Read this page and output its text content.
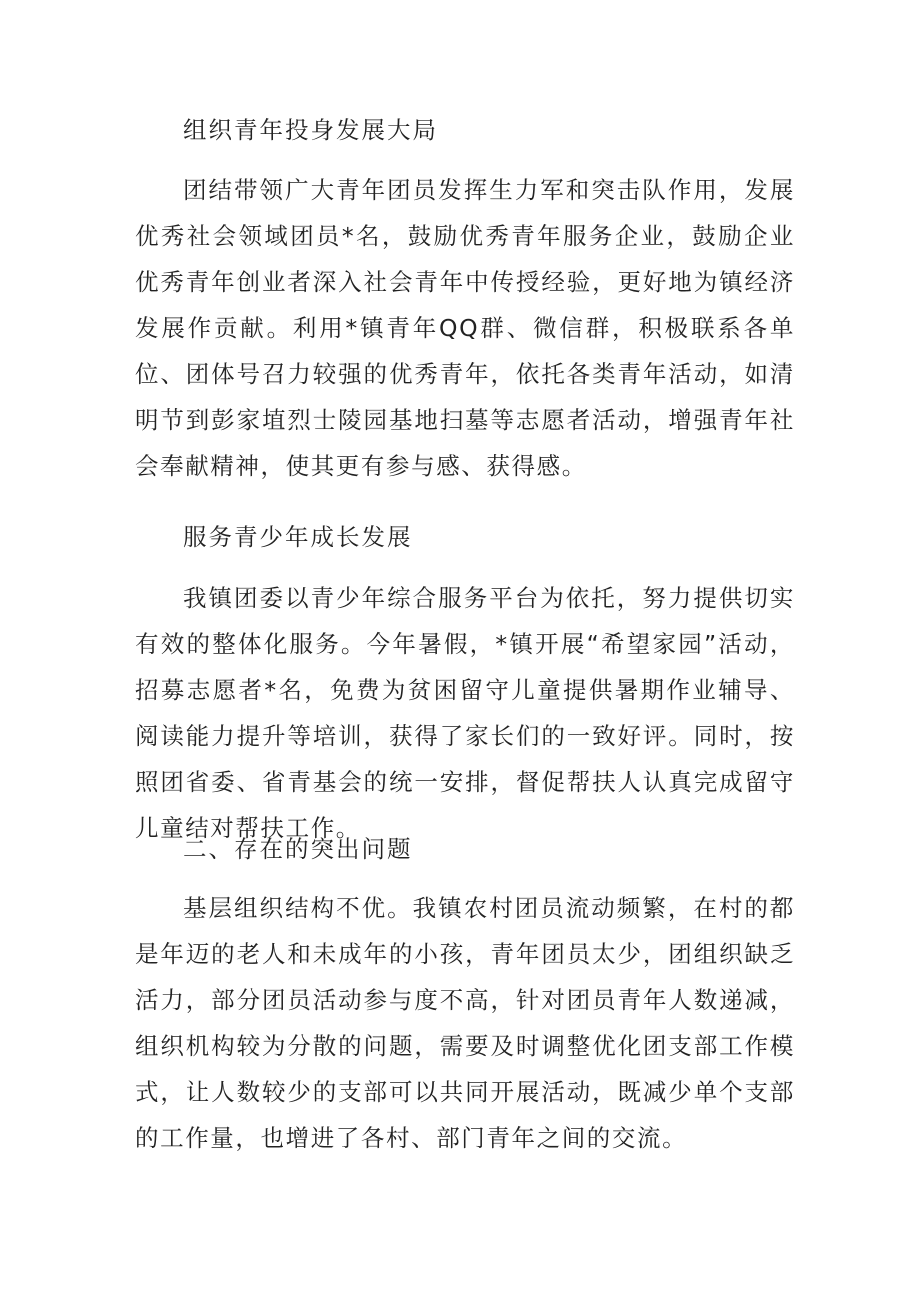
组织青年投身发展大局

团结带领广大青年团员发挥生力军和突击队作用，发展优秀社会领域团员*名，鼓励优秀青年服务企业，鼓励企业优秀青年创业者深入社会青年中传授经验，更好地为镇经济发展作贡献。利用*镇青年QQ群、微信群，积极联系各单位、团体号召力较强的优秀青年，依托各类青年活动，如清明节到彭家埴烈士陵园基地扫墓等志愿者活动，增强青年社会奉献精神，使其更有参与感、获得感。

服务青少年成长发展

我镇团委以青少年综合服务平台为依托，努力提供切实有效的整体化服务。今年暑假，*镇开展“希望家园”活动，招募志愿者*名，免费为贫困留守儿童提供暑期作业辅导、阅读能力提升等培训，获得了家长们的一致好评。同时，按照团省委、省青基会的统一安排，督促帮扶人认真完成留守儿童结对帮扶工作。

二、存在的突出问题

基层组织结构不优。我镇农村团员流动频繁，在村的都是年迈的老人和未成年的小孩，青年团员太少，团组织缺乏活力，部分团员活动参与度不高，针对团员青年人数递减，组织机构较为分散的问题，需要及时调整优化团支部工作模式，让人数较少的支部可以共同开展活动，既减少单个支部的工作量，也增进了各村、部门青年之间的交流。
